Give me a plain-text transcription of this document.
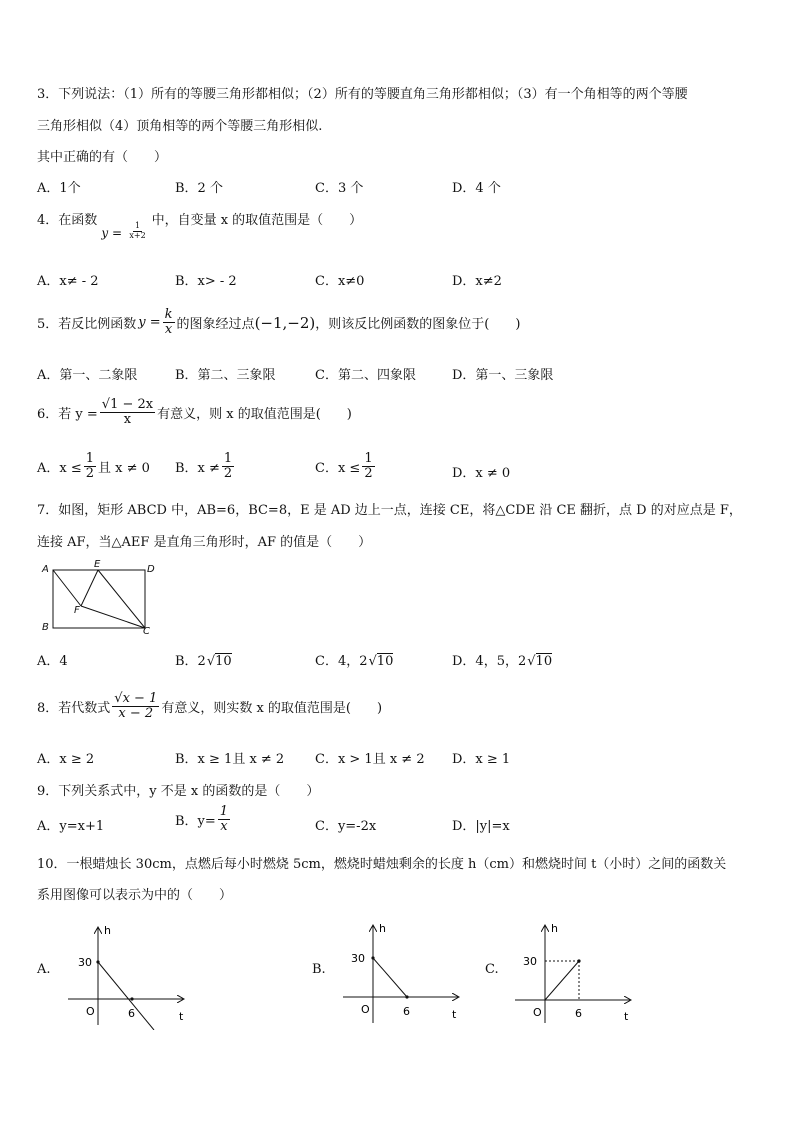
3．下列说法：（1）所有的等腰三角形都相似；（2）所有的等腰直角三角形都相似；（3）有一个角相等的两个等腰
三角形相似（4）顶角相等的两个等腰三角形相似.
其中正确的有（　　）
A．1个	B．2 个	C．3 个	D．4 个
4．在函数
$y = \frac{1}{x+2}$
中，自变量 x 的取值范围是（　　）
A．x≠ - 2	B．x> - 2	C．x≠0	D．x≠2
5．若反比例函数 $y = \frac{k}{x}$ 的图象经过点 (−1,−2) ，则该反比例函数的图象位于(　　)
A．第一、二象限	B．第二、三象限	C．第二、四象限	D．第一、三象限
6．若 $y = \frac{√1 - 2x}{x}$ 有意义，则 x 的取值范围是(　　)
A．$x \le \frac{1}{2}$ 且 x ≠ 0 B．$x \ne \frac{1}{2}$	C．$x \le \frac{1}{2}$	D．x ≠ 0
7．如图，矩形 ABCD 中，AB=6，BC=8，E 是 AD 边上一点，连接 CE，将△CDE 沿 CE 翻折，点 D 的对应点是 F，
连接 AF，当△AEF 是直角三角形时，AF 的值是（　　）
A	E	D
F
B	C
A．4	B．2√10	C．4，2√10	D．4，5，2√10
8．若代数式 $\frac{√x - 1}{x - 2}$ 有意义，则实数 x 的取值范围是(　　)
A．x ≥ 2	B．x ≥ 1且 x ≠ 2 C．x > 1且 x ≠ 2 D．x ≥ 1
9．下列关系式中，y 不是 x 的函数的是（　　）
A．y=x+1	B．$y= \frac{1}{x}$	C．y=-2x	D．|y|=x
10．一根蜡烛长 30cm，点燃后每小时燃烧 5cm，燃烧时蜡烛剩余的长度 h（cm）和燃烧时间 t（小时）之间的函数关
系用图像可以表示为中的（　　）
A. 30
h
O	6	t
B.
30
h
O	6	t
C.
30
h
O	6	t
